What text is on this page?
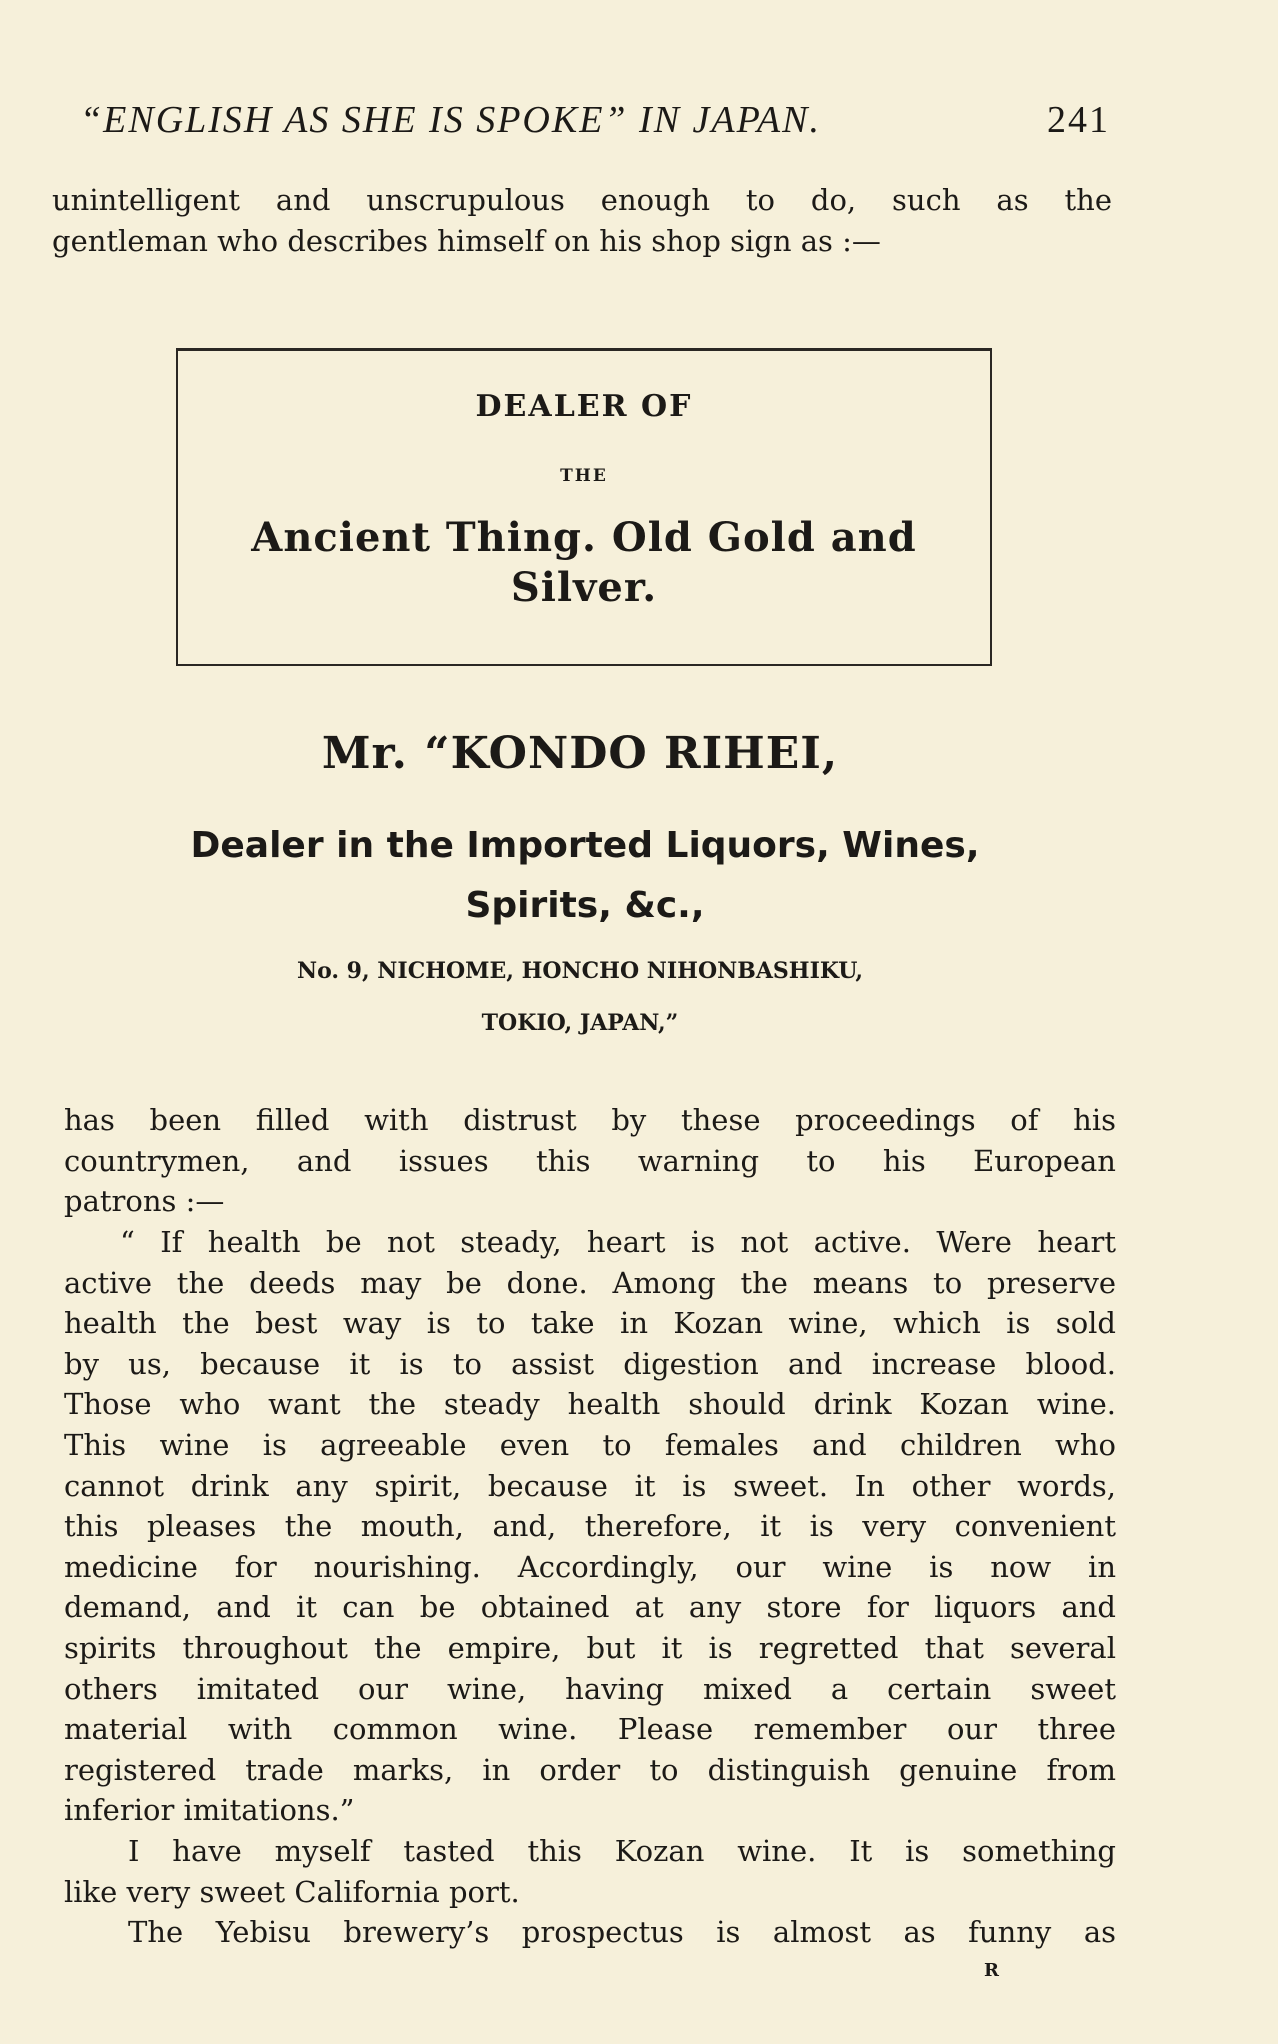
“ENGLISH AS SHE IS SPOKE” IN JAPAN.	241
unintelligent and unscrupulous enough to do, such as the
gentleman who describes himself on his shop sign as :—
DEALER OF
THE
Ancient Thing. Old Gold and Silver.
Mr. “KONDO RIHEI,
Dealer in the Imported Liquors, Wines, Spirits, &c.,
No. 9, NICHOME, HONCHO NIHONBASHIKU,
TOKIO, JAPAN,”
has been filled with distrust by these proceedings of his
countrymen, and issues this warning to his European
patrons :—
“ If health be not steady, heart is not active. Were heart
active the deeds may be done. Among the means to preserve
health the best way is to take in Kozan wine, which is sold
by us, because it is to assist digestion and increase blood.
Those who want the steady health should drink Kozan wine.
This wine is agreeable even to females and children who
cannot drink any spirit, because it is sweet. In other words,
this pleases the mouth, and, therefore, it is very convenient
medicine for nourishing. Accordingly, our wine is now in
demand, and it can be obtained at any store for liquors and
spirits throughout the empire, but it is regretted that several
others imitated our wine, having mixed a certain sweet
material with common wine. Please remember our three
registered trade marks, in order to distinguish genuine from
inferior imitations.”
I have myself tasted this Kozan wine. It is something
like very sweet California port.
The Yebisu brewery’s prospectus is almost as funny as
R
